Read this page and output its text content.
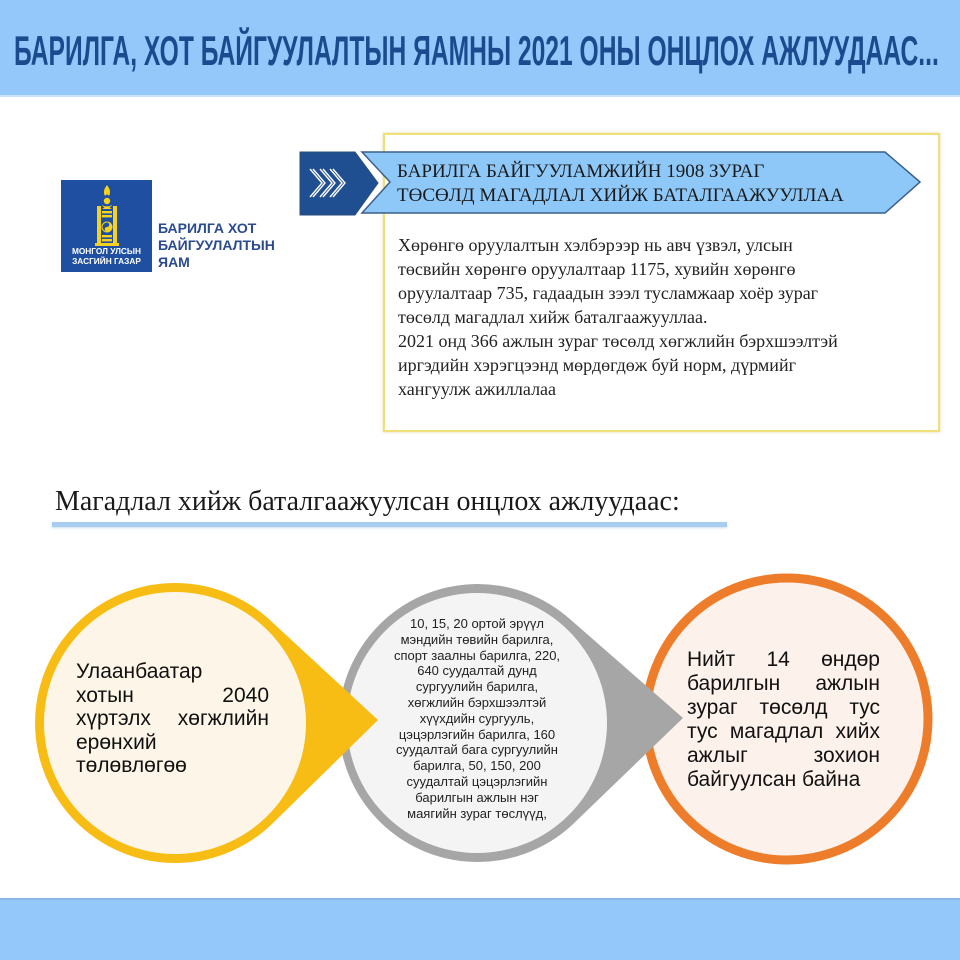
БАРИЛГА, ХОТ БАЙГУУЛАЛТЫН ЯАМНЫ 2021 ОНЫ ОНЦЛОХ АЖЛУУДААС...
МОНГОЛ УЛСЫН
ЗАСГИЙН ГАЗАР
БАРИЛГА ХОТ
БАЙГУУЛАЛТЫН
ЯАМ
БАРИЛГА БАЙГУУЛАМЖИЙН 1908 ЗУРАГ
ТӨСӨЛД МАГАДЛАЛ ХИЙЖ БАТАЛГААЖУУЛЛАА
Хөрөнгө оруулалтын хэлбэрээр нь авч үзвэл, улсын
төсвийн хөрөнгө оруулалтаар 1175, хувийн хөрөнгө
оруулалтаар 735, гадаадын зээл тусламжаар хоёр зураг
төсөлд магадлал хийж баталгаажууллаа.
2021 онд 366 ажлын зураг төсөлд хөгжлийн бэрхшээлтэй
иргэдийн хэрэгцээнд мөрдөгдөж буй норм, дүрмийг
хангуулж ажиллалаа
Магадлал хийж баталгаажуулсан онцлох ажлуудаас:
Улаанбаатар
хотын 2040
хүртэлх хөгжлийн
ерөнхий
төлөвлөгөө
10, 15, 20 ортой эрүүл
мэндийн төвийн барилга,
спорт заалны барилга, 220,
640 суудалтай дунд
сургуулийн барилга,
хөгжлийн бэрхшээлтэй
хүүхдийн сургууль,
цэцэрлэгийн барилга, 160
суудалтай бага сургуулийн
барилга, 50, 150, 200
суудалтай цэцэрлэгийн
барилгын ажлын нэг
маягийн зураг төслүүд,
Нийт 14 өндөр
барилгын ажлын
зураг төсөлд тус
тус магадлал хийх
ажлыг зохион
байгуулсан байна
